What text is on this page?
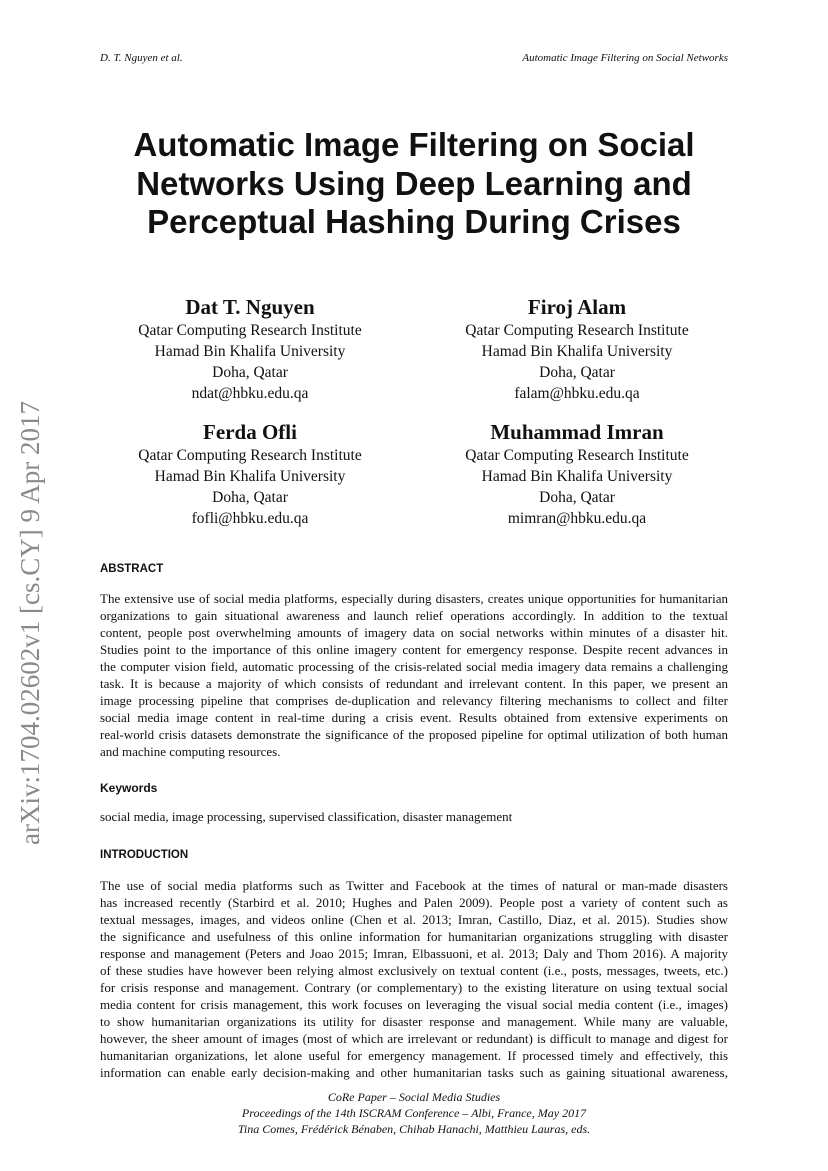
D. T. Nguyen et al.	Automatic Image Filtering on Social Networks
Automatic Image Filtering on Social
Networks Using Deep Learning and
Perceptual Hashing During Crises
Dat T. Nguyen
Qatar Computing Research Institute
Hamad Bin Khalifa University
Doha, Qatar
ndat@hbku.edu.qa
Firoj Alam
Qatar Computing Research Institute
Hamad Bin Khalifa University
Doha, Qatar
falam@hbku.edu.qa
Ferda Ofli
Qatar Computing Research Institute
Hamad Bin Khalifa University
Doha, Qatar
fofli@hbku.edu.qa
Muhammad Imran
Qatar Computing Research Institute
Hamad Bin Khalifa University
Doha, Qatar
mimran@hbku.edu.qa
arXiv:1704.02602v1 [cs.CY] 9 Apr 2017	ABSTRACT
The extensive use of social media platforms, especially during disasters, creates unique opportunities for humanitarian
organizations to gain situational awareness and launch relief operations accordingly. In addition to the textual
content, people post overwhelming amounts of imagery data on social networks within minutes of a disaster hit.
Studies point to the importance of this online imagery content for emergency response. Despite recent advances in
the computer vision field, automatic processing of the crisis-related social media imagery data remains a challenging
task. It is because a majority of which consists of redundant and irrelevant content. In this paper, we present an
image processing pipeline that comprises de-duplication and relevancy filtering mechanisms to collect and filter
social media image content in real-time during a crisis event. Results obtained from extensive experiments on
real-world crisis datasets demonstrate the significance of the proposed pipeline for optimal utilization of both human
and machine computing resources.
Keywords
social media, image processing, supervised classification, disaster management
INTRODUCTION
The use of social media platforms such as Twitter and Facebook at the times of natural or man-made disasters
has increased recently (Starbird et al. 2010; Hughes and Palen 2009). People post a variety of content such as
textual messages, images, and videos online (Chen et al. 2013; Imran, Castillo, Diaz, et al. 2015). Studies show
the significance and usefulness of this online information for humanitarian organizations struggling with disaster
response and management (Peters and Joao 2015; Imran, Elbassuoni, et al. 2013; Daly and Thom 2016). A majority
of these studies have however been relying almost exclusively on textual content (i.e., posts, messages, tweets, etc.)
for crisis response and management. Contrary (or complementary) to the existing literature on using textual social
media content for crisis management, this work focuses on leveraging the visual social media content (i.e., images)
to show humanitarian organizations its utility for disaster response and management. While many are valuable,
however, the sheer amount of images (most of which are irrelevant or redundant) is difficult to manage and digest for
humanitarian organizations, let alone useful for emergency management. If processed timely and effectively, this
information can enable early decision-making and other humanitarian tasks such as gaining situational awareness,
CoRe Paper – Social Media Studies
Proceedings of the 14th ISCRAM Conference – Albi, France, May 2017
Tina Comes, Frédérick Bénaben, Chihab Hanachi, Matthieu Lauras, eds.
